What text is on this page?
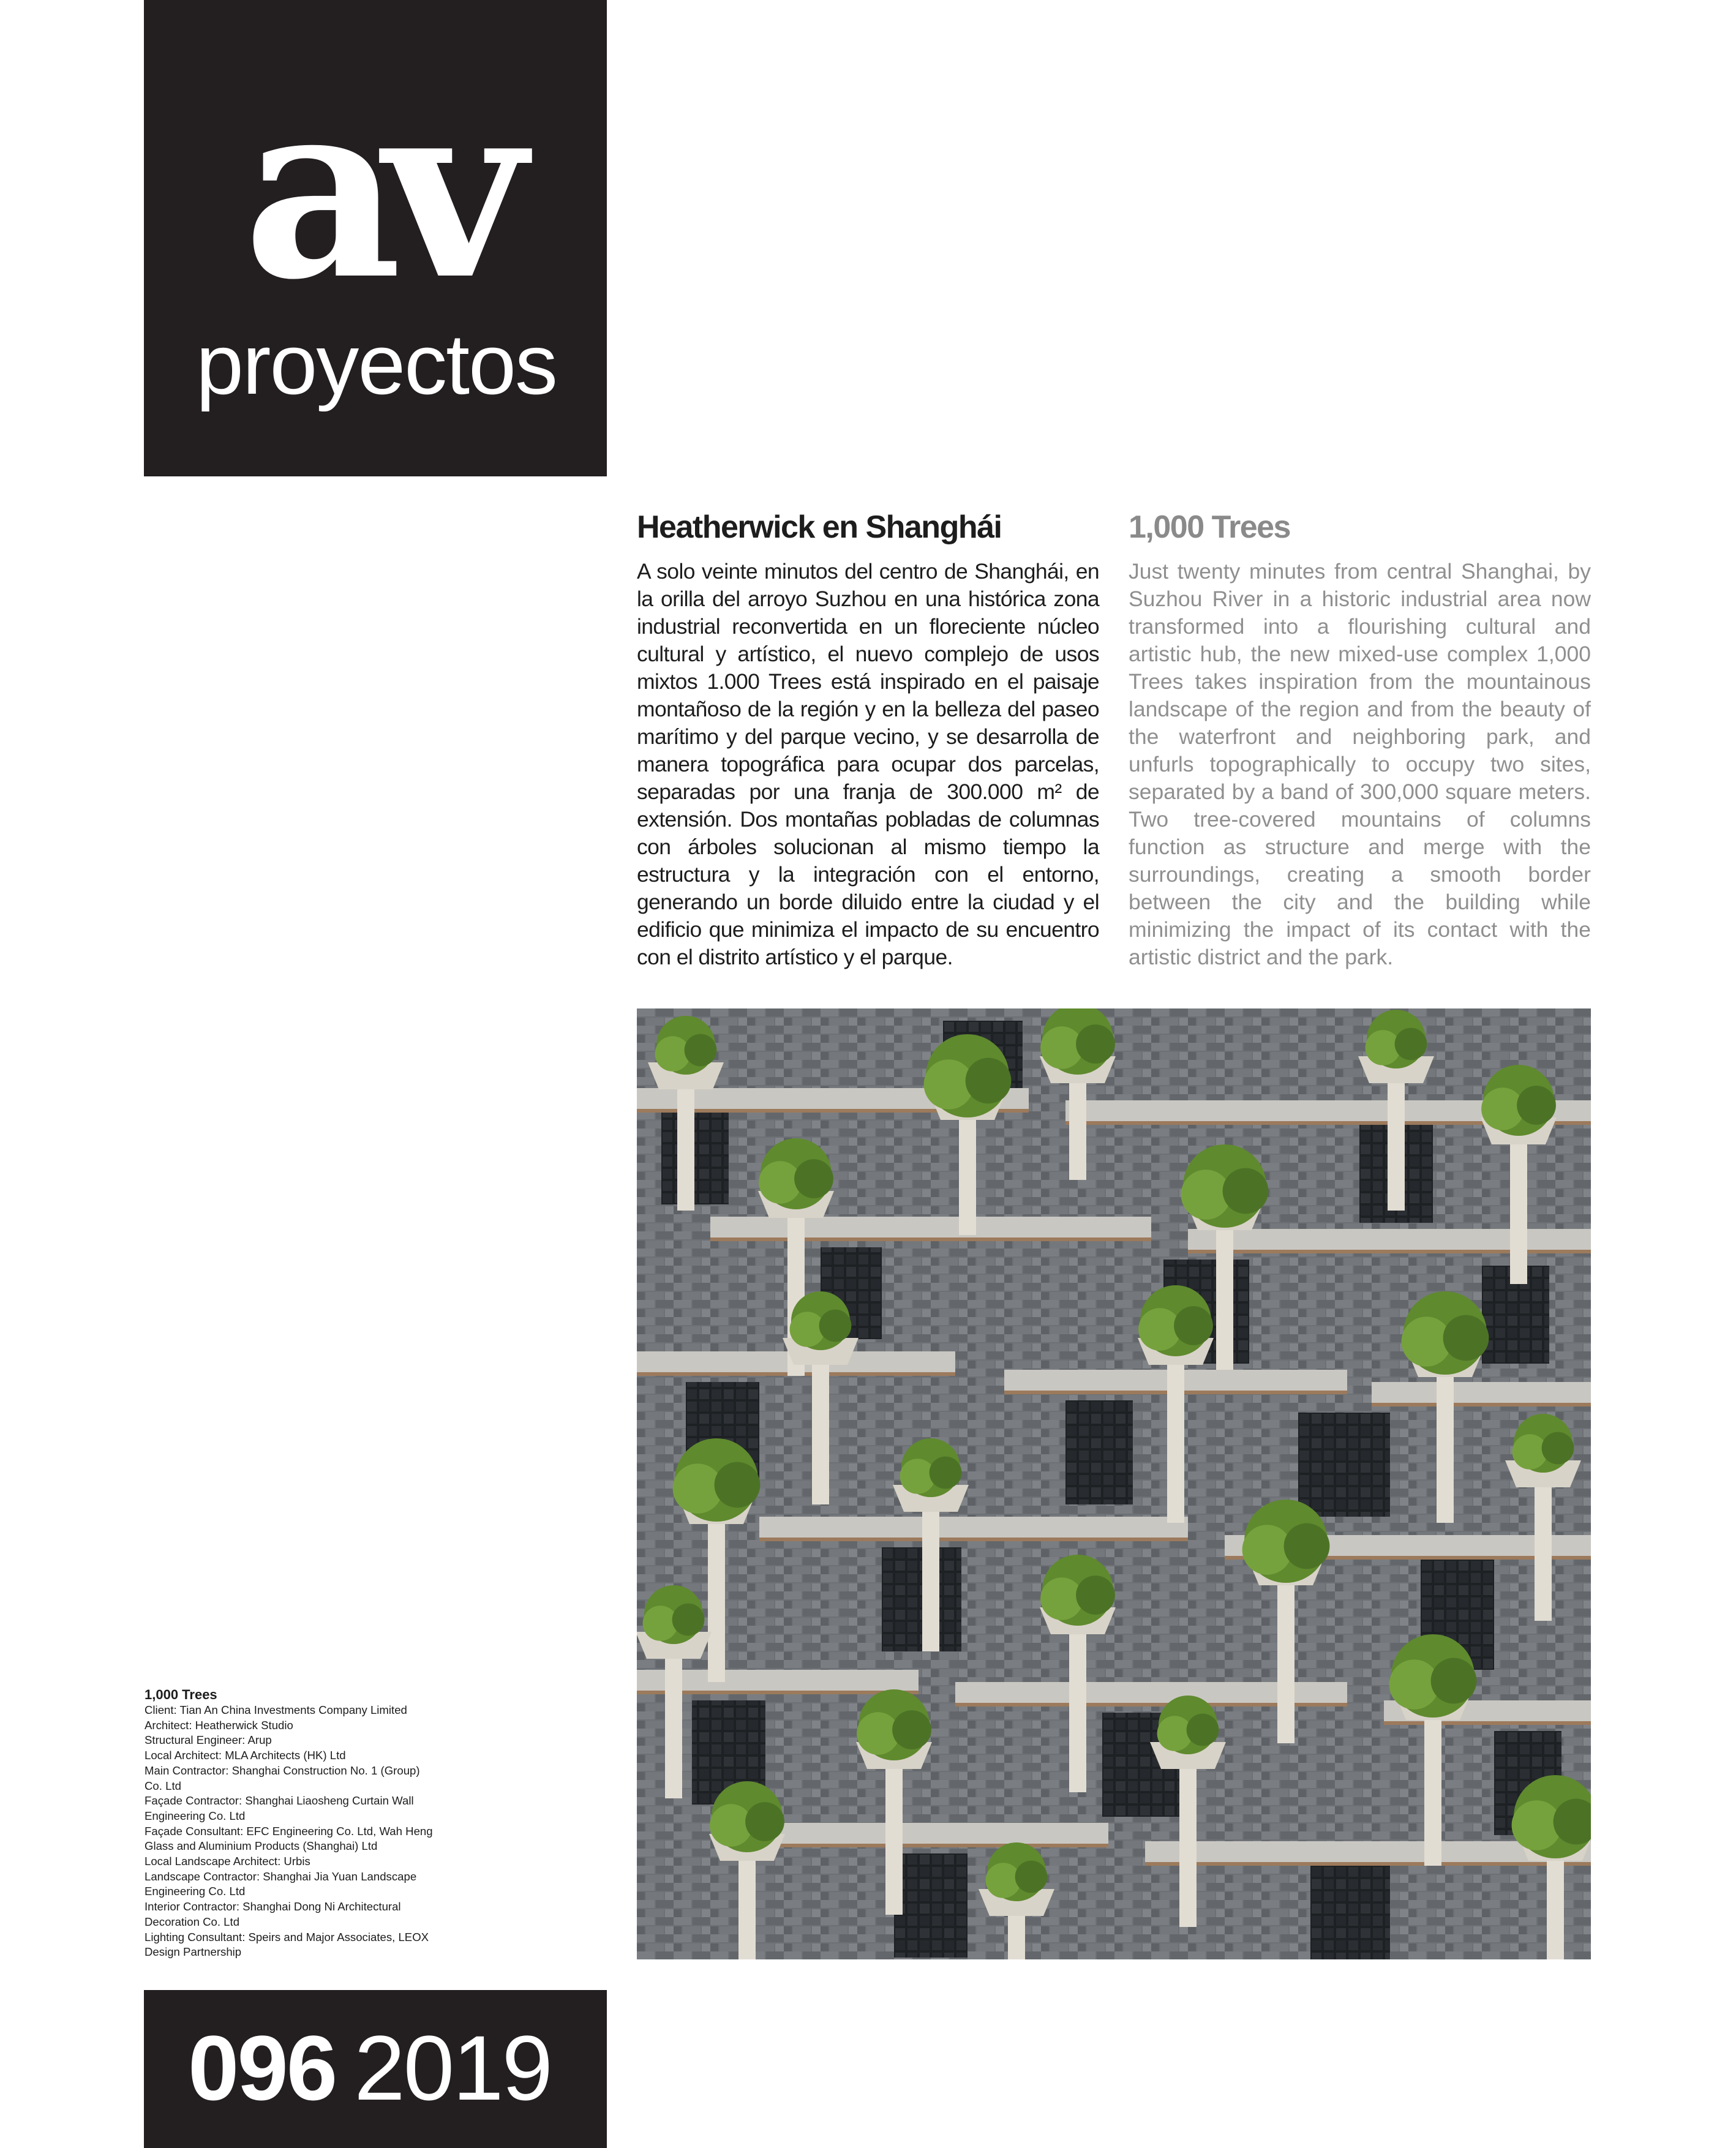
av
proyectos
Heatherwick en Shanghái

A solo veinte minutos del centro de Shanghái, en la orilla del arroyo Suzhou en una histórica zona industrial reconvertida en un floreciente núcleo cultural y artístico, el nuevo complejo de usos mixtos 1.000 Trees está inspirado en el paisaje montañoso de la región y en la belleza del paseo marítimo y del parque vecino, y se desarrolla de manera topográfica para ocupar dos parcelas, separadas por una franja de 300.000 m² de extensión. Dos montañas pobladas de columnas con árboles solucionan al mismo tiempo la estructura y la integración con el entorno, generando un borde diluido entre la ciudad y el edificio que minimiza el impacto de su encuentro con el distrito artístico y el parque.

1,000 Trees

Just twenty minutes from central Shanghai, by Suzhou River in a historic industrial area now transformed into a flourishing cultural and artistic hub, the new mixed-use complex 1,000 Trees takes inspiration from the mountainous landscape of the region and from the beauty of the waterfront and neighboring park, and unfurls topographically to occupy two sites, separated by a band of 300,000 square meters. Two tree-covered mountains of columns function as structure and merge with the surroundings, creating a smooth border between the city and the building while minimizing the impact of its contact with the artistic district and the park.

1,000 Trees
Client: Tian An China Investments Company Limited
Architect: Heatherwick Studio
Structural Engineer: Arup
Local Architect: MLA Architects (HK) Ltd
Main Contractor: Shanghai Construction No. 1 (Group)
Co. Ltd
Façade Contractor: Shanghai Liaosheng Curtain Wall
Engineering Co. Ltd
Façade Consultant: EFC Engineering Co. Ltd, Wah Heng
Glass and Aluminium Products (Shanghai) Ltd
Local Landscape Architect: Urbis
Landscape Contractor: Shanghai Jia Yuan Landscape
Engineering Co. Ltd
Interior Contractor: Shanghai Dong Ni Architectural
Decoration Co. Ltd
Lighting Consultant: Speirs and Major Associates, LEOX
Design Partnership
096 2019
